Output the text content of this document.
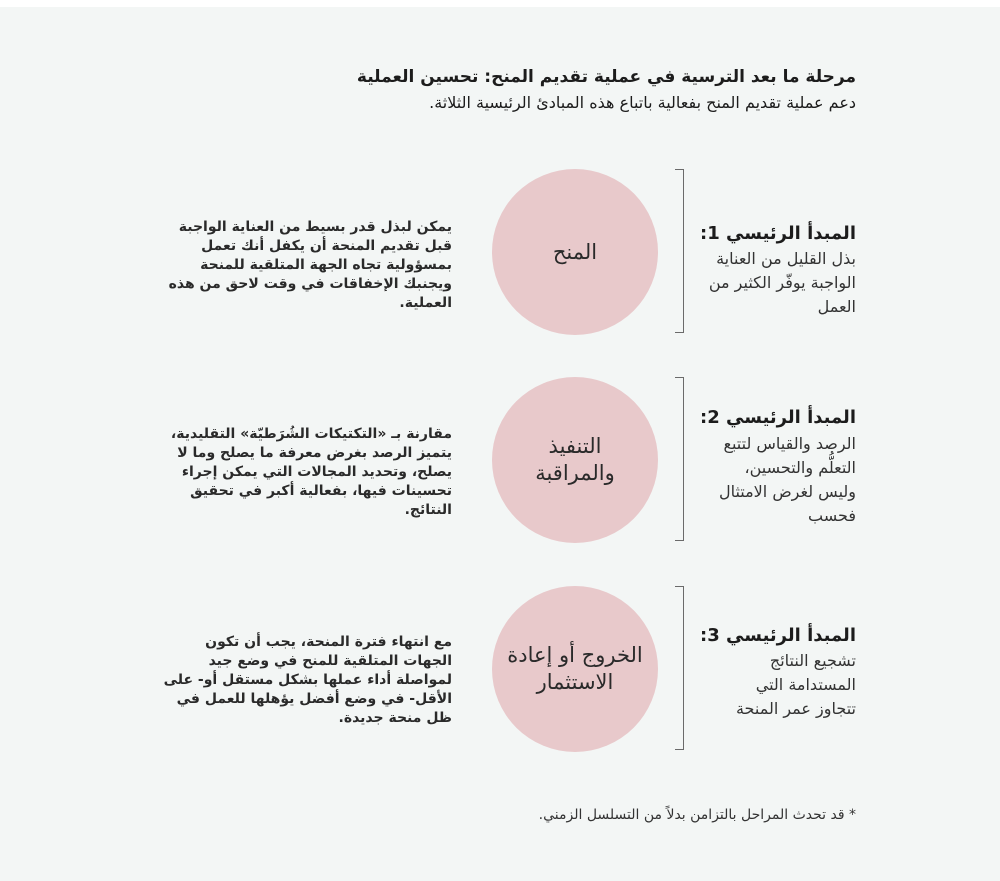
مرحلة ما بعد الترسية في عملية تقديم المنح: تحسين العملية
دعم عملية تقديم المنح بفعالية باتباع هذه المبادئ الرئيسية الثلاثة.
المنح
المبدأ الرئيسي 1:
بذل القليل من العناية الواجبة يوفّر الكثير من العمل
يمكن لبذل قدر بسيط من العناية الواجبة قبل تقديم المنحة أن يكفل أنك تعمل بمسؤولية تجاه الجهة المتلقية للمنحة ويجنبك الإخفاقات في وقت لاحق من هذه العملية.
التنفيذ والمراقبة
المبدأ الرئيسي 2:
الرصد والقياس لتتبع التعلُّم والتحسين، وليس لغرض الامتثال فحسب
مقارنة بـ «التكتيكات الشُرَطيّة» التقليدية، يتميز الرصد بغرض معرفة ما يصلح وما لا يصلح، وتحديد المجالات التي يمكن إجراء تحسينات فيها، بفعالية أكبر في تحقيق النتائج.
الخروج أو إعادة الاستثمار
المبدأ الرئيسي 3:
تشجيع النتائج المستدامة التي تتجاوز عمر المنحة
مع انتهاء فترة المنحة، يجب أن تكون الجهات المتلقية للمنح في وضع جيد لمواصلة أداء عملها بشكل مستقل أو- على الأقل- في وضع أفضل يؤهلها للعمل في ظل منحة جديدة.
* قد تحدث المراحل بالتزامن بدلاً من التسلسل الزمني.
